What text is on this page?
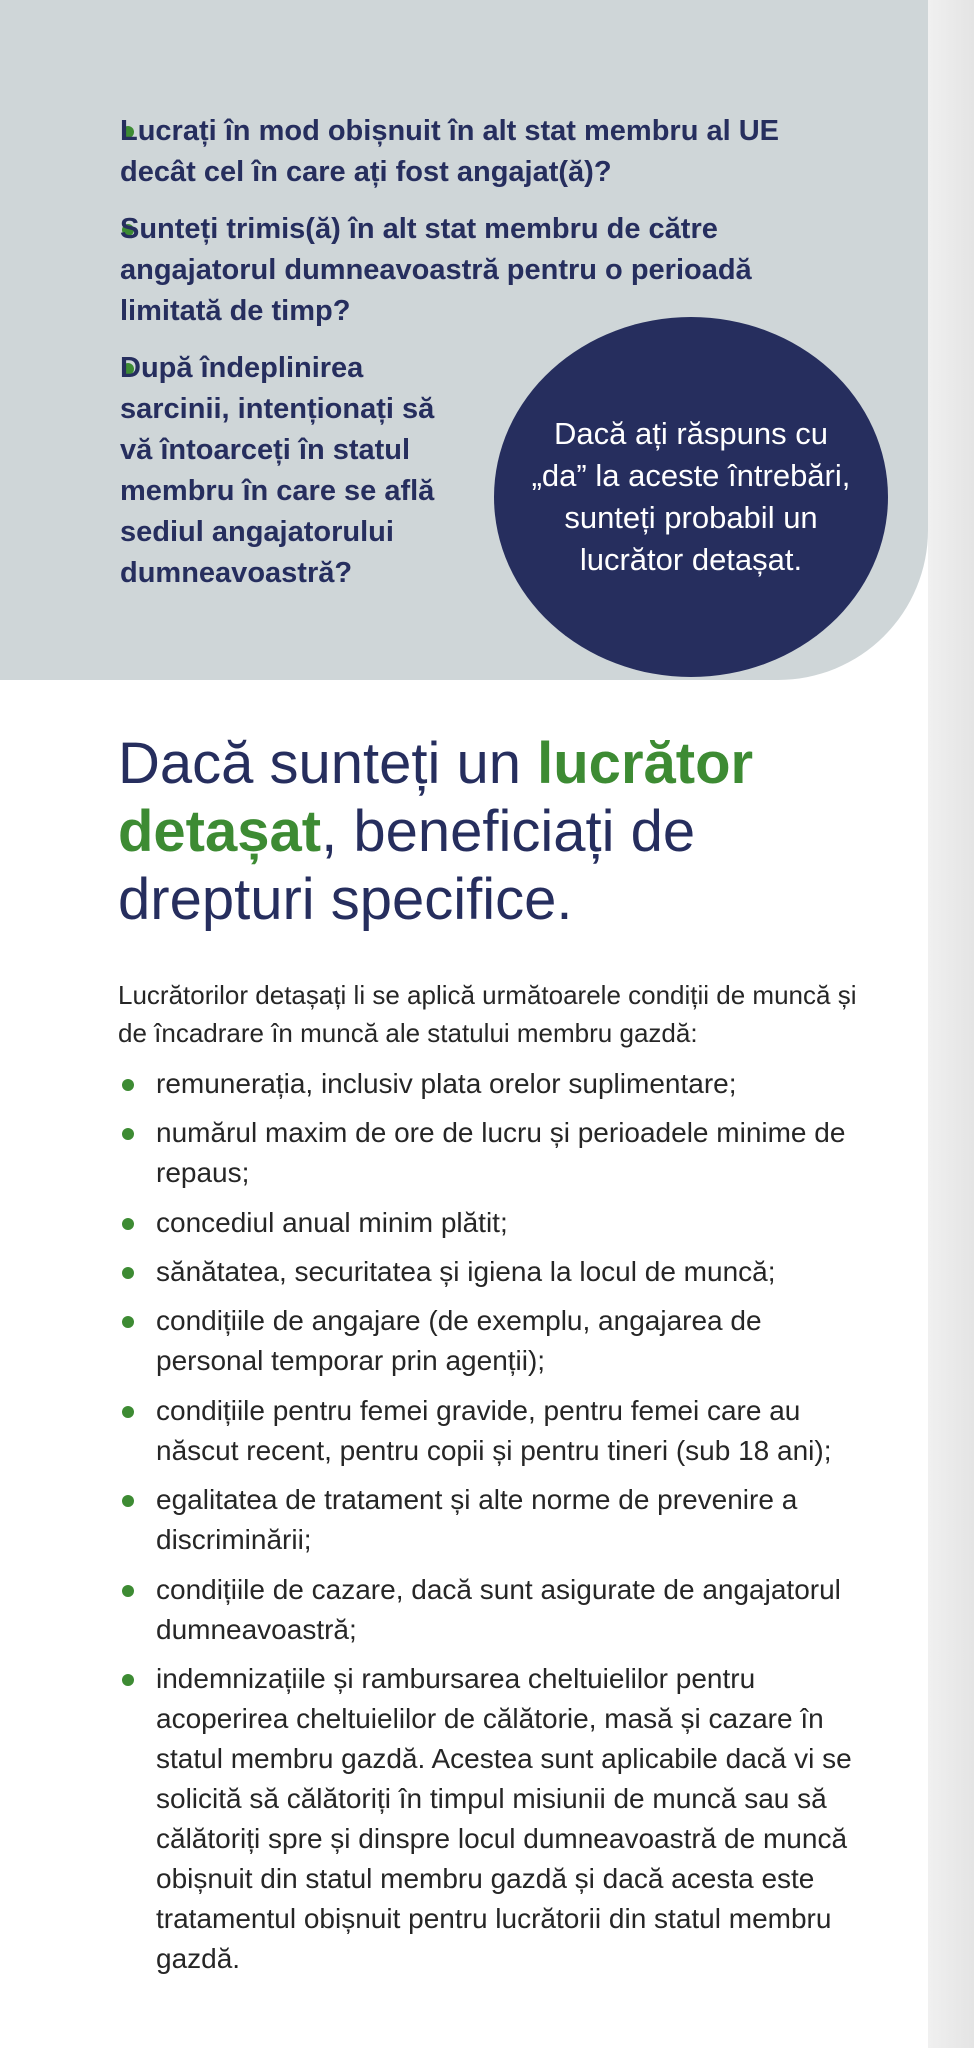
Lucrați în mod obișnuit în alt stat membru al UE decât cel în care ați fost angajat(ă)?
Sunteți trimis(ă) în alt stat membru de către angajatorul dumneavoastră pentru o perioadă limitată de timp?
După îndeplinirea sarcinii, intenționați să vă întoarceți în statul membru în care se află sediul angajatorului dumneavoastră?
Dacă ați răspuns cu „da” la aceste întrebări, sunteți probabil un lucrător detașat.
Dacă sunteți un lucrător detașat, beneficiați de drepturi specifice.

Lucrătorilor detașați li se aplică următoarele condiții de muncă și de încadrare în muncă ale statului membru gazdă:

remunerația, inclusiv plata orelor suplimentare;
numărul maxim de ore de lucru și perioadele minime de repaus;
concediul anual minim plătit;
sănătatea, securitatea și igiena la locul de muncă;
condițiile de angajare (de exemplu, angajarea de personal temporar prin agenții);
condițiile pentru femei gravide, pentru femei care au născut recent, pentru copii și pentru tineri (sub 18 ani);
egalitatea de tratament și alte norme de prevenire a discriminării;
condițiile de cazare, dacă sunt asigurate de angajatorul dumneavoastră;
indemnizațiile și rambursarea cheltuielilor pentru acoperirea cheltuielilor de călătorie, masă și cazare în statul membru gazdă. Acestea sunt aplicabile dacă vi se solicită să călătoriți în timpul misiunii de muncă sau să călătoriți spre și dinspre locul dumneavoastră de muncă obișnuit din statul membru gazdă și dacă acesta este tratamentul obișnuit pentru lucrătorii din statul membru gazdă.
